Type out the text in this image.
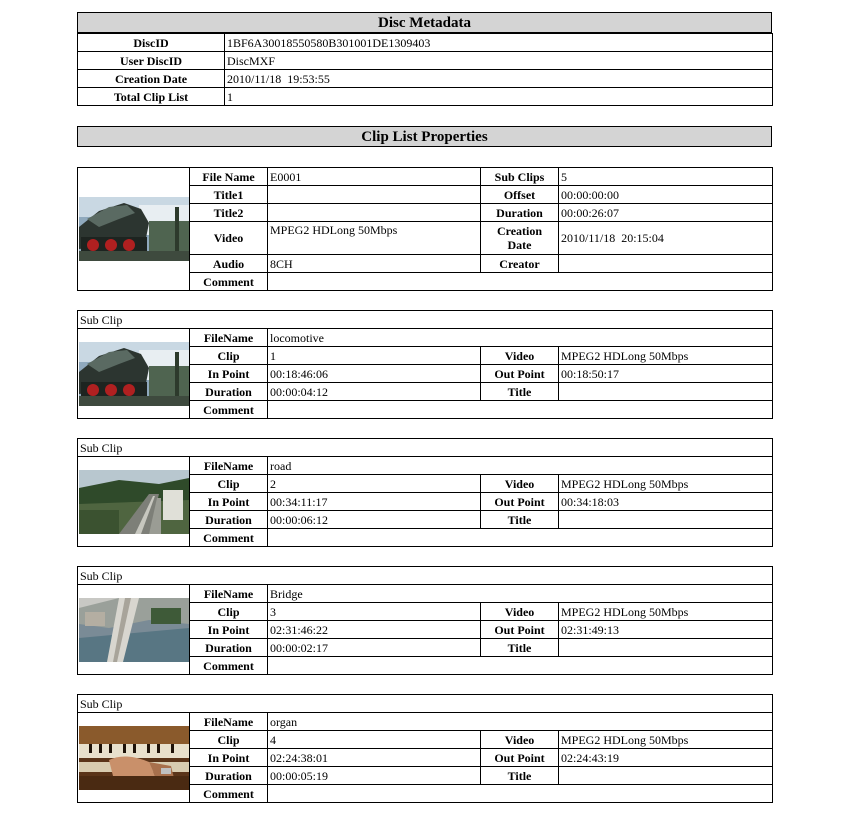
Disc Metadata
DiscID	1BF6A30018550580B301001DE1309403
User DiscID	DiscMXF
Creation Date	2010/11/18  19:53:55
Total Clip List	1
Clip List Properties
	File Name	E0001	Sub Clips	5
	Title1		Offset	00:00:00:00
	Title2		Duration	00:00:26:07
	Video	MPEG2 HDLong 50Mbps	Creation Date	2010/11/18  20:15:04
	Audio	8CH	Creator	
	Comment			
Sub Clip				

	FileName	locomotive		
	Clip	1	Video	MPEG2 HDLong 50Mbps
	In Point	00:18:46:06	Out Point	00:18:50:17
	Duration	00:00:04:12	Title	
	Comment			
Sub Clip				

	FileName	road		
	Clip	2	Video	MPEG2 HDLong 50Mbps
	In Point	00:34:11:17	Out Point	00:34:18:03
	Duration	00:00:06:12	Title	
	Comment			
Sub Clip				

	FileName	Bridge		
	Clip	3	Video	MPEG2 HDLong 50Mbps
	In Point	02:31:46:22	Out Point	02:31:49:13
	Duration	00:00:02:17	Title	
	Comment			
Sub Clip				

	FileName	organ		
	Clip	4	Video	MPEG2 HDLong 50Mbps
	In Point	02:24:38:01	Out Point	02:24:43:19
	Duration	00:00:05:19	Title	
	Comment			
